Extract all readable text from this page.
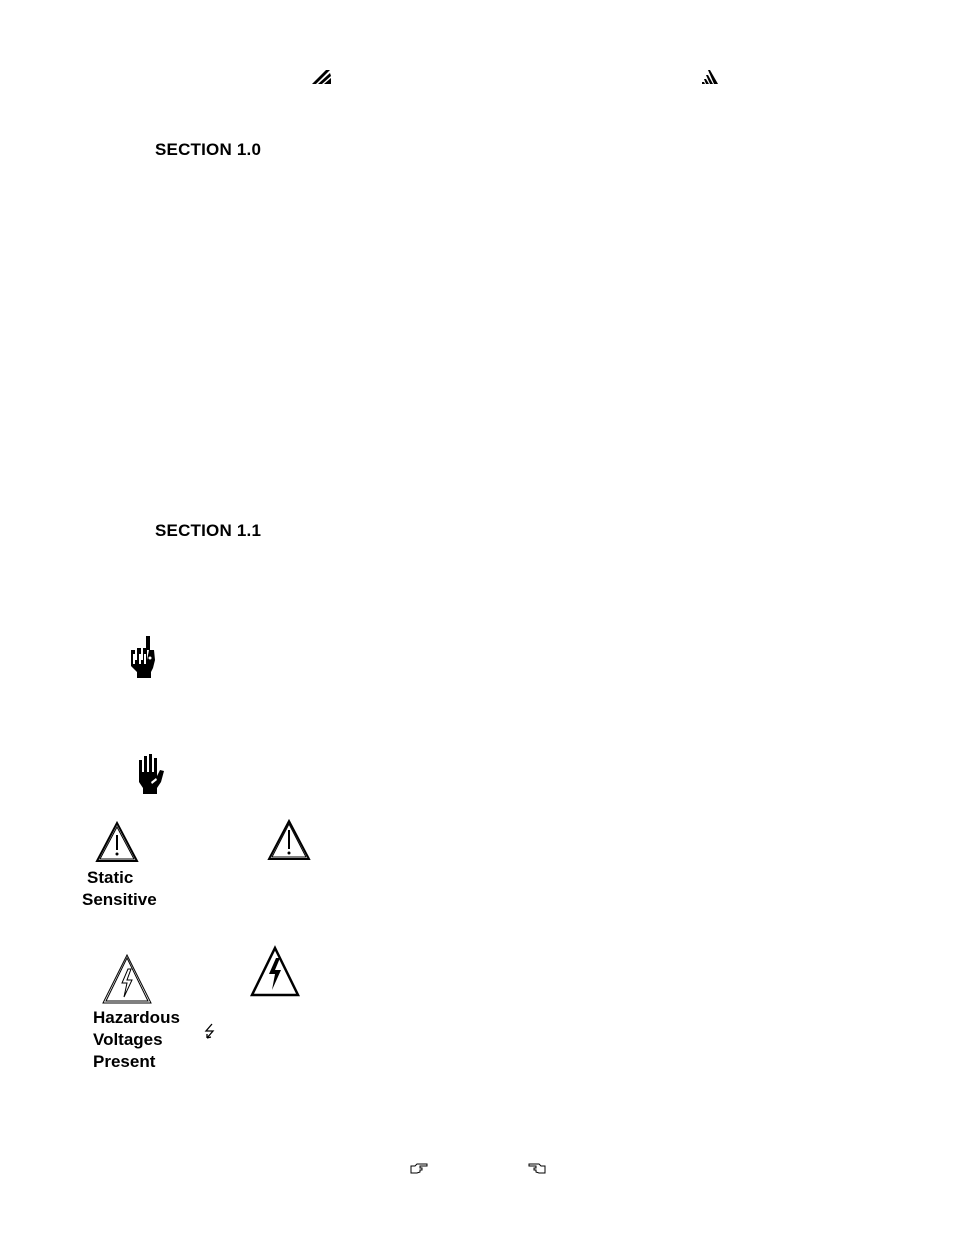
SECTION 1.0
SECTION 1.1
Static
Sensitive
Hazardous
Voltages
Present
